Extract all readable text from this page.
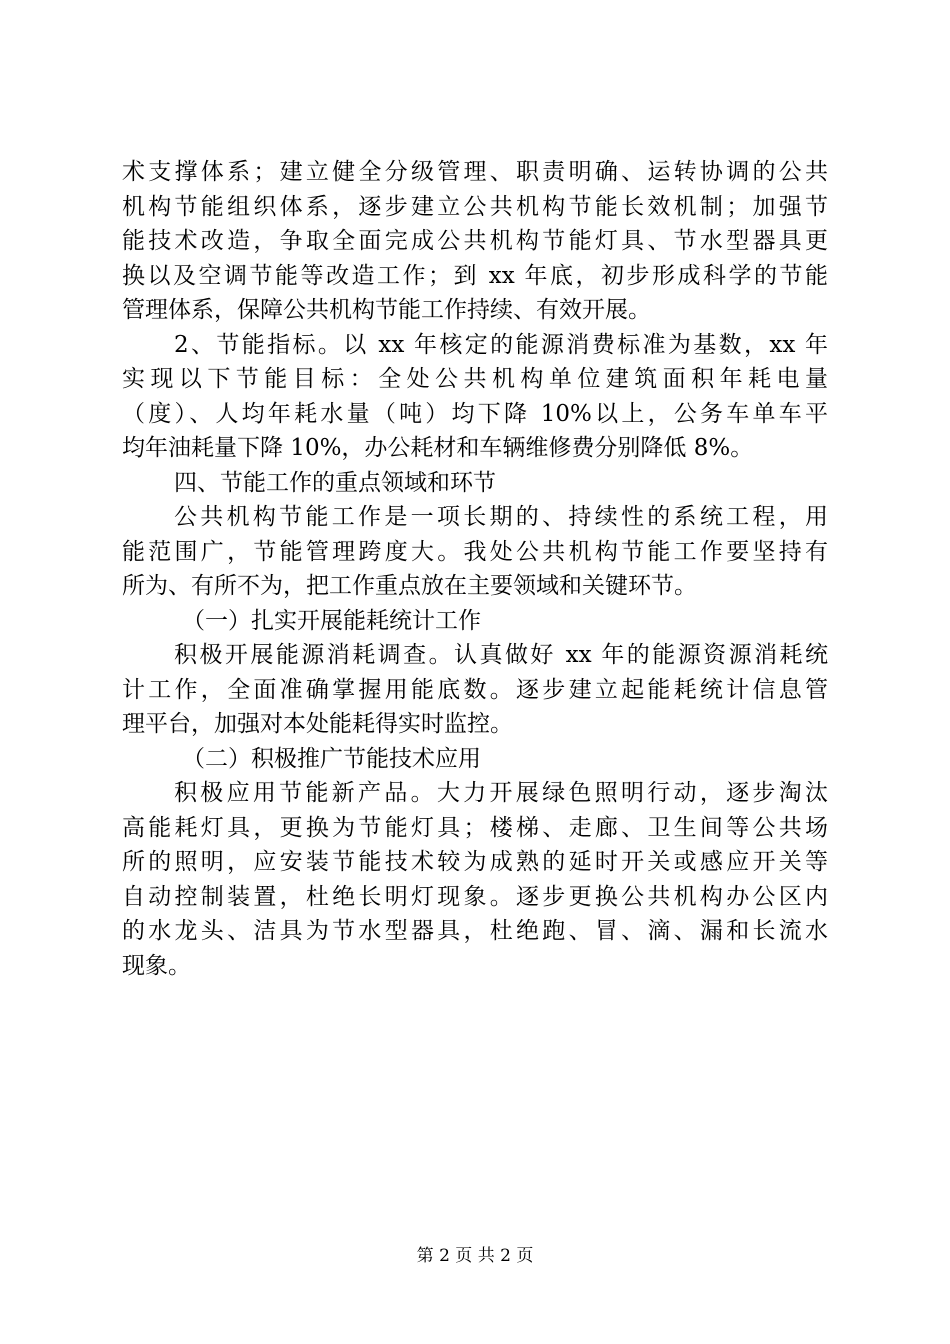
术支撑体系；建立健全分级管理、职责明确、运转协调的公共
机构节能组织体系，逐步建立公共机构节能长效机制；加强节
能技术改造，争取全面完成公共机构节能灯具、节水型器具更
换以及空调节能等改造工作；到 xx 年底，初步形成科学的节能
管理体系，保障公共机构节能工作持续、有效开展。
2、节能指标。以 xx 年核定的能源消费标准为基数，xx 年
实现以下节能目标：全处公共机构单位建筑面积年耗电量
（度）、人均年耗水量（吨）均下降 10%以上，公务车单车平
均年油耗量下降 10%，办公耗材和车辆维修费分别降低 8%。
四、节能工作的重点领域和环节
公共机构节能工作是一项长期的、持续性的系统工程，用
能范围广，节能管理跨度大。我处公共机构节能工作要坚持有
所为、有所不为，把工作重点放在主要领域和关键环节。
（一）扎实开展能耗统计工作
积极开展能源消耗调查。认真做好 xx 年的能源资源消耗统
计工作，全面准确掌握用能底数。逐步建立起能耗统计信息管
理平台，加强对本处能耗得实时监控。
（二）积极推广节能技术应用
积极应用节能新产品。大力开展绿色照明行动，逐步淘汰
高能耗灯具，更换为节能灯具；楼梯、走廊、卫生间等公共场
所的照明，应安装节能技术较为成熟的延时开关或感应开关等
自动控制装置，杜绝长明灯现象。逐步更换公共机构办公区内
的水龙头、洁具为节水型器具，杜绝跑、冒、滴、漏和长流水
现象。
第 2 页 共 2 页
